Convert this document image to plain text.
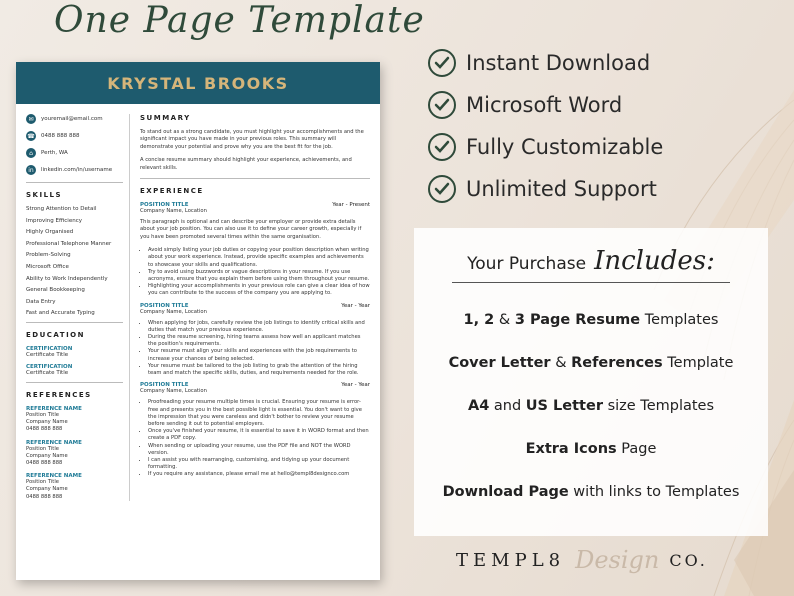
One Page Template
KRYSTAL BROOKS
✉	youremail@email.com
☎ 0488 888 888
⌂	Perth, WA
in	linkedin.com/in/username
SKILLS
Strong Attention to Detail
Improving Efficiency
Highly Organised
Professional Telephone Manner
Problem-Solving
Microsoft Office
Ability to Work Independently
General Bookkeeping
Data Entry
Fast and Accurate Typing
EDUCATION
CERTIFICATION
Certificate Title
CERTIFICATION
Certificate Title
REFERENCES
REFERENCE NAME
Position Title
Company Name
0488 888 888
REFERENCE NAME
Position Title
Company Name
0488 888 888
REFERENCE NAME
Position Title
Company Name
0488 888 888
SUMMARY
To stand out as a strong candidate, you must highlight your accomplishments and the significant impact you have made in your previous roles. This summary will demonstrate your potential and prove why you are the best fit for the job.
A concise resume summary should highlight your experience, achievements, and relevant skills.
EXPERIENCE
POSITION TITLE	Year - Present
Company Name, Location
This paragraph is optional and can describe your employer or provide extra details about your job position. You can also use it to define your career growth, especially if you have been promoted several times within the same organisation.
• Avoid simply listing your job duties or copying your position description when writing about your work experience. Instead, provide specific examples and achievements to showcase your skills and qualifications.
• Try to avoid using buzzwords or vague descriptions in your resume. If you use acronyms, ensure that you explain them before using them throughout your resume.
• Highlighting your accomplishments in your previous role can give a clear idea of how you can contribute to the success of the company you are applying to.
POSITION TITLE	Year - Year
Company Name, Location
• When applying for jobs, carefully review the job listings to identify critical skills and duties that match your previous experience.
• During the resume screening, hiring teams assess how well an applicant matches the position's requirements.
• Your resume must align your skills and experiences with the job requirements to increase your chances of being selected.
• Your resume must be tailored to the job listing to grab the attention of the hiring team and match the specific skills, duties, and requirements needed for the role.
POSITION TITLE	Year - Year
Company Name, Location
• Proofreading your resume multiple times is crucial. Ensuring your resume is error-free and presents you in the best possible light is essential. You don't want to give the impression that you were careless and didn't bother to review your resume before sending it out to potential employers.
• Once you've finished your resume, it is essential to save it in WORD format and then create a PDF copy.
• When sending or uploading your resume, use the PDF file and NOT the WORD version.
• I can assist you with rearranging, customising, and tidying up your document formatting.
• If you require any assistance, please email me at hello@templ8designco.com
Instant Download
Microsoft Word
Fully Customizable
Unlimited Support
Your Purchase Includes:
1, 2 & 3 Page Resume Templates
Cover Letter & References Template
A4 and US Letter size Templates
Extra Icons Page
Download Page with links to Templates
TEMPL8 Design CO.
